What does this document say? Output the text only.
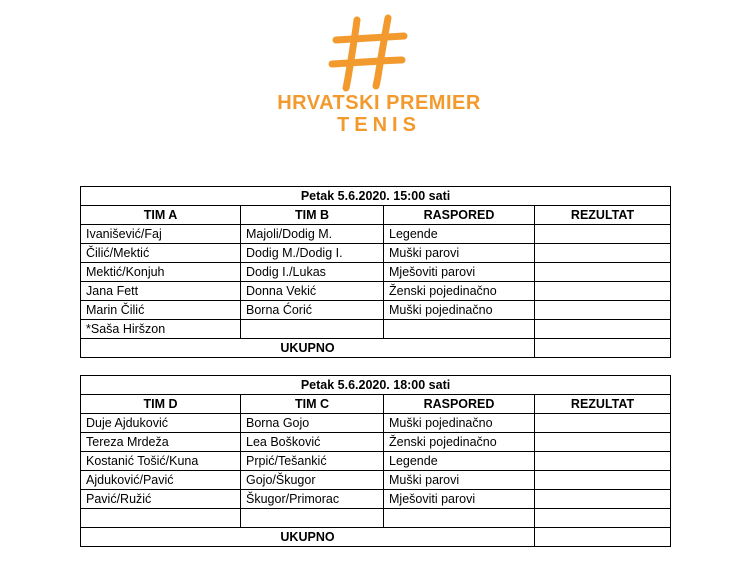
HRVATSKI PREMIER
TENIS
Petak 5.6.2020. 15:00 sati			
TIM A	TIM B	RASPORED	REZULTAT
Ivanišević/Faj	Majoli/Dodig M.	Legende	
Čilić/Mektić	Dodig M./Dodig I.	Muški parovi	
Mektić/Konjuh	Dodig I./Lukas	Mješoviti parovi	
Jana Fett	Donna Vekić	Ženski pojedinačno	
Marin Čilić	Borna Ćorić	Muški pojedinačno	
*Saša Hiršzon			
UKUPNO			
Petak 5.6.2020. 18:00 sati			
TIM D	TIM C	RASPORED	REZULTAT
Duje Ajduković	Borna Gojo	Muški pojedinačno	
Tereza Mrdeža	Lea Bošković	Ženski pojedinačno	
Kostanić Tošić/Kuna	Prpić/Tešankić	Legende	
Ajduković/Pavić	Gojo/Škugor	Muški parovi	
Pavić/Ružić	Škugor/Primorac	Mješoviti parovi	

UKUPNO			
